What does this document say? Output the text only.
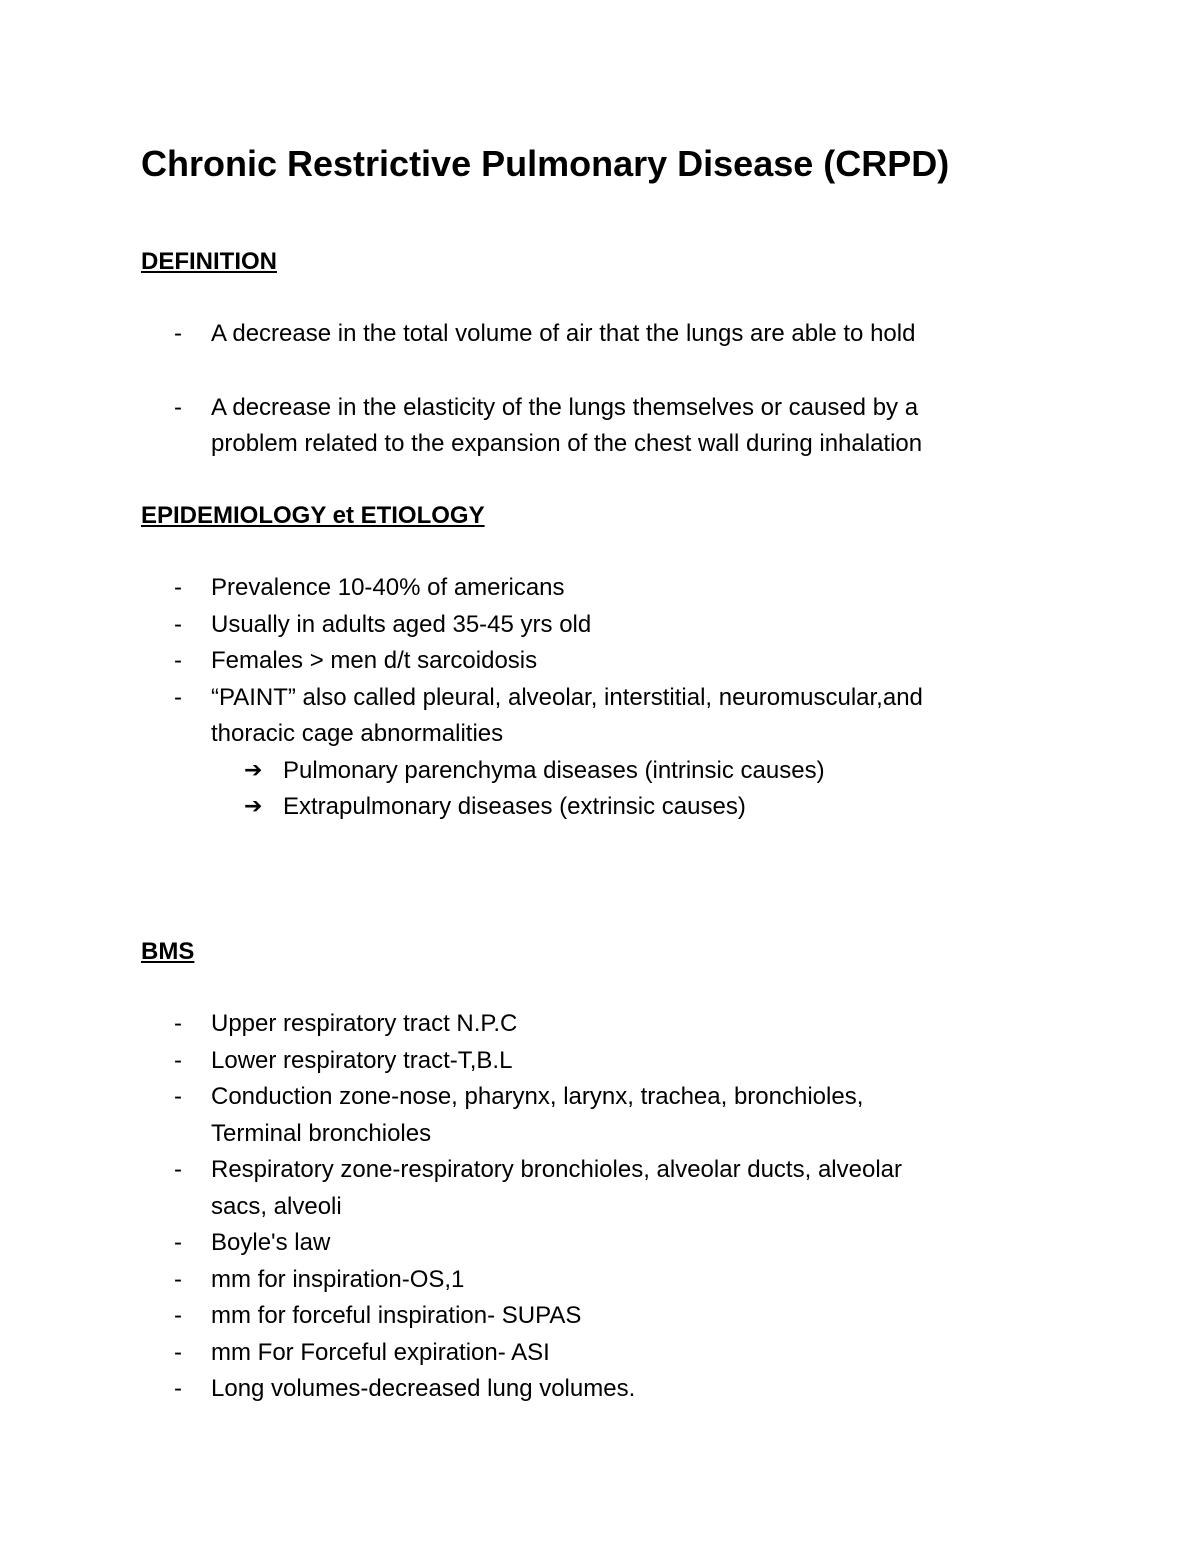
Chronic Restrictive Pulmonary Disease (CRPD)
DEFINITION
- A decrease in the total volume of air that the lungs are able to hold
- A decrease in the elasticity of the lungs themselves or caused by a
problem related to the expansion of the chest wall during inhalation
EPIDEMIOLOGY et ETIOLOGY
- Prevalence 10-40% of americans
- Usually in adults aged 35-45 yrs old
- Females > men d/t sarcoidosis
- “PAINT” also called pleural, alveolar, interstitial, neuromuscular,and
thoracic cage abnormalities
➔ Pulmonary parenchyma diseases (intrinsic causes)
➔ Extrapulmonary diseases (extrinsic causes)
BMS
- Upper respiratory tract N.P.C
- Lower respiratory tract-T,B.L
- Conduction zone-nose, pharynx, larynx, trachea, bronchioles,
Terminal bronchioles
- Respiratory zone-respiratory bronchioles, alveolar ducts, alveolar
sacs, alveoli
- Boyle's law
- mm for inspiration-OS,1
- mm for forceful inspiration- SUPAS
- mm For Forceful expiration- ASI
- Long volumes-decreased lung volumes.
